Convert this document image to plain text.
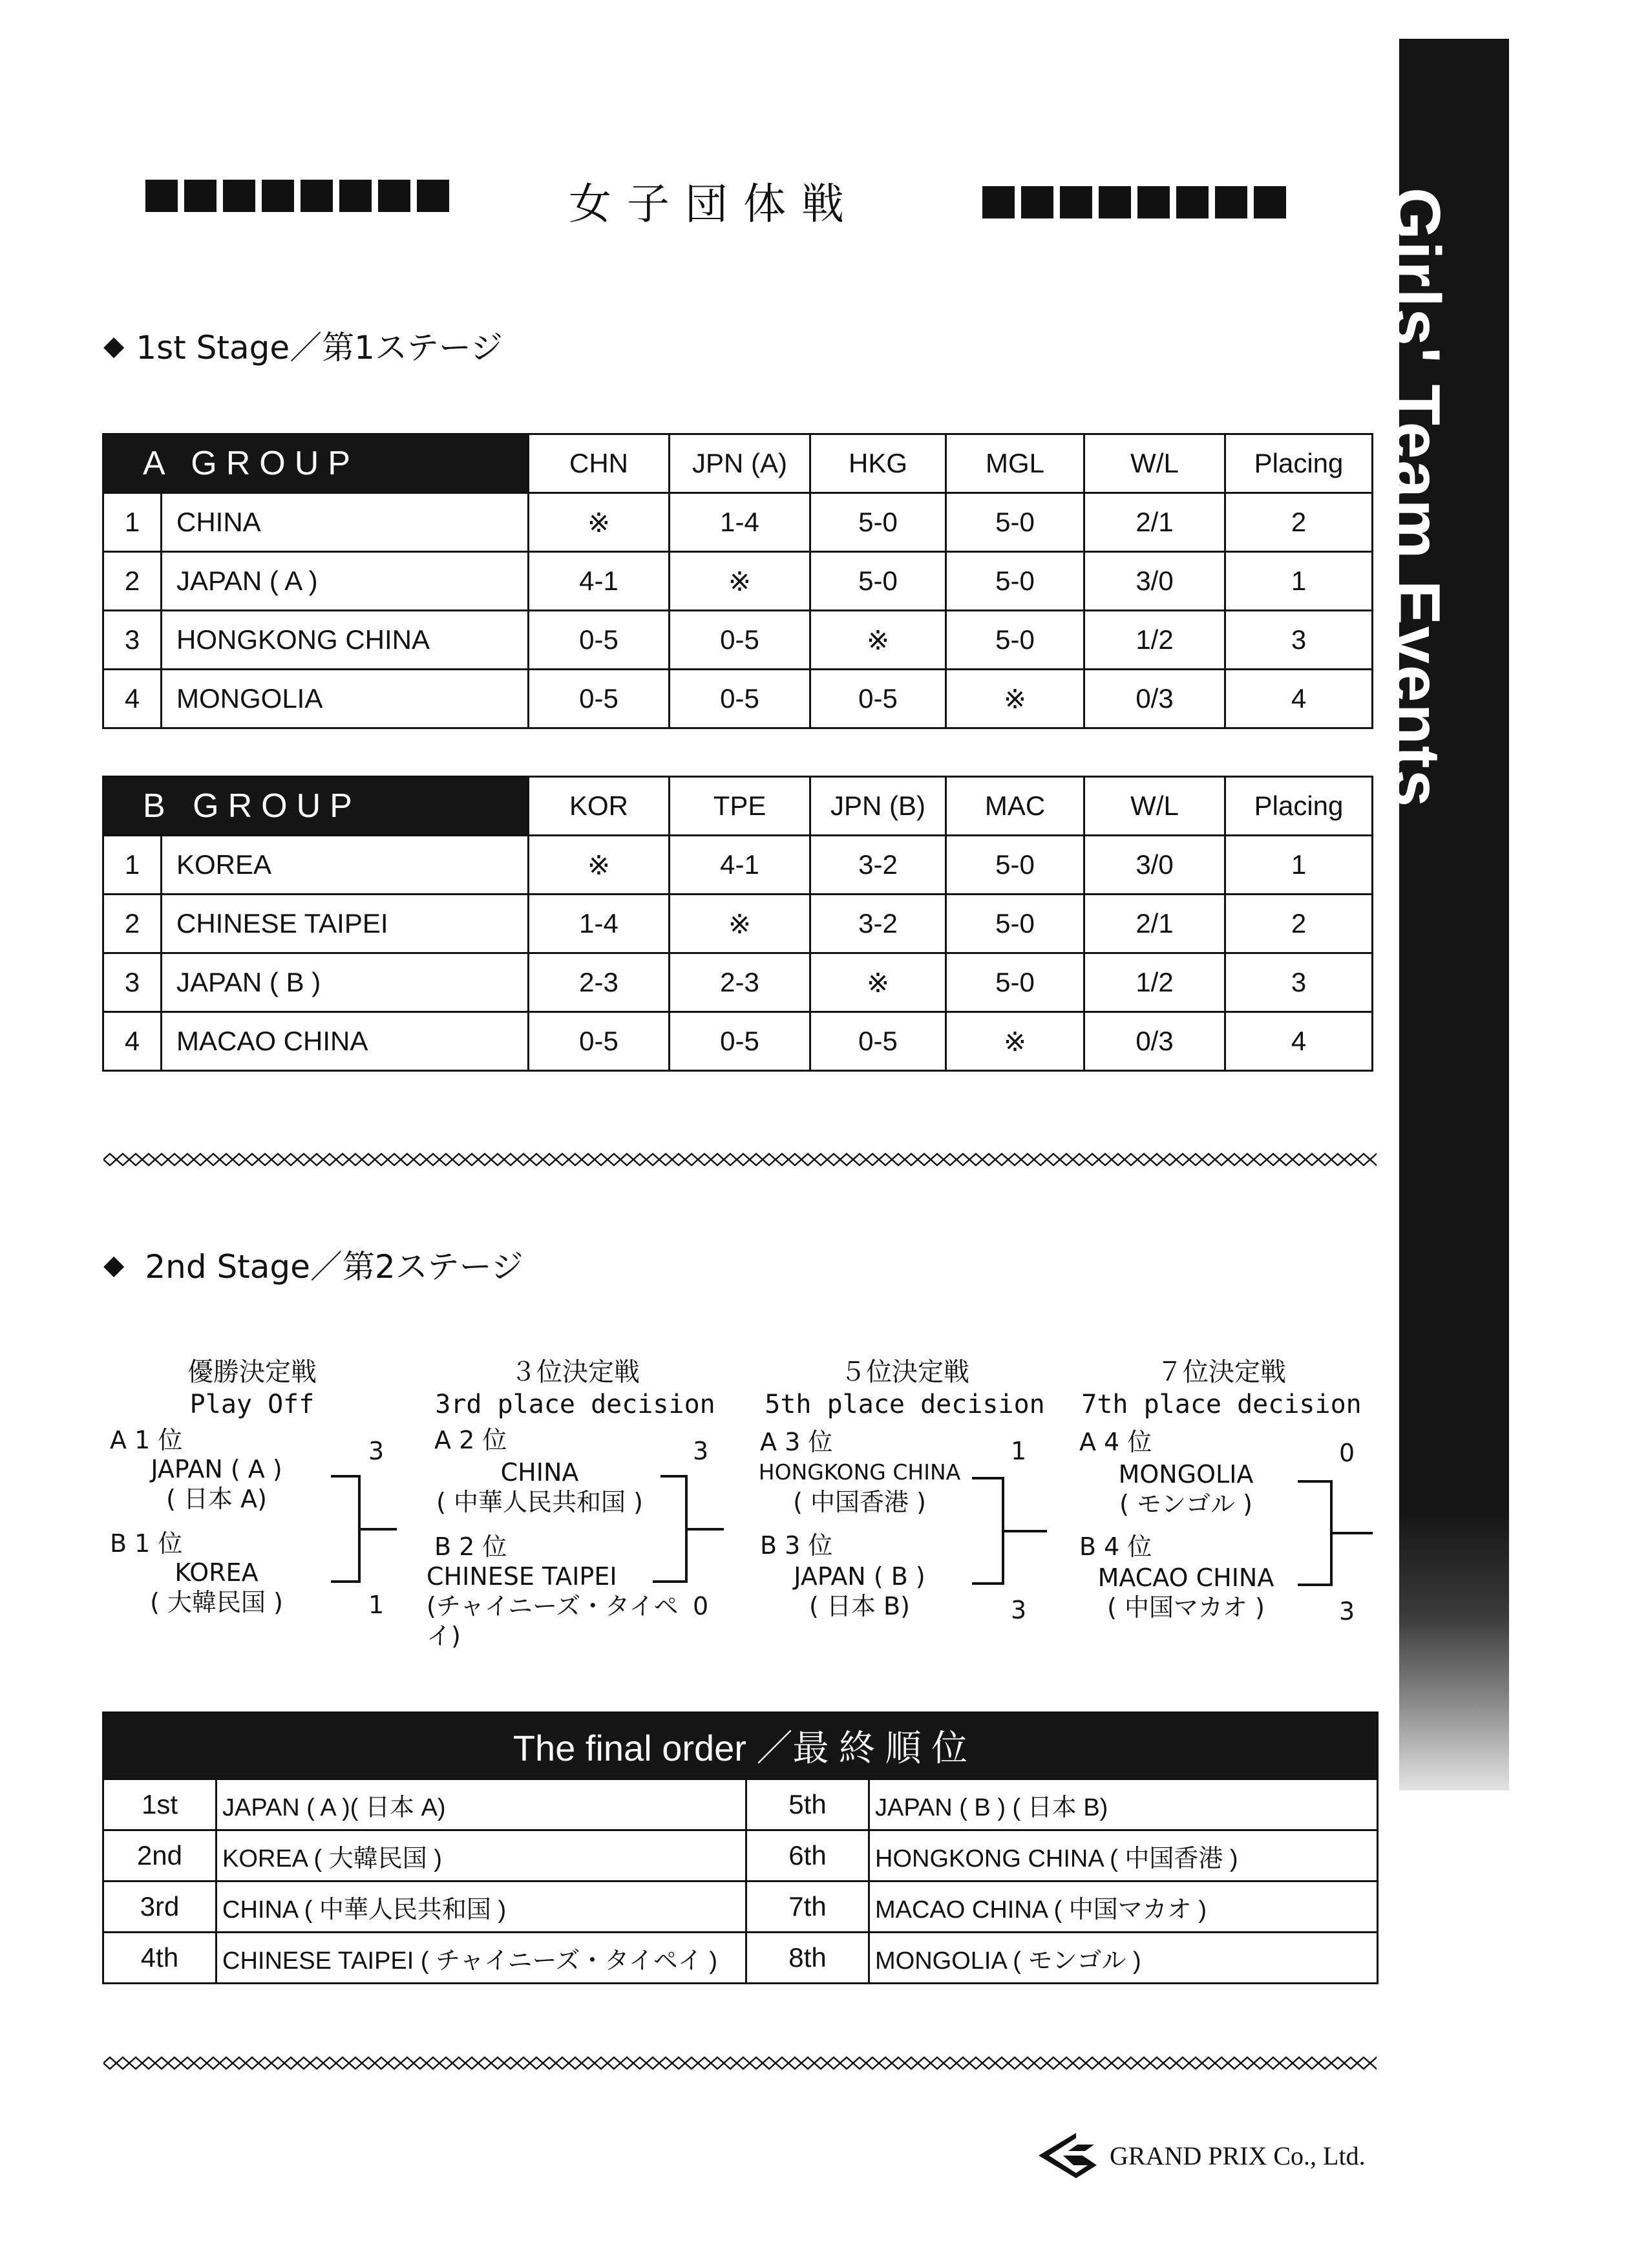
Girls' Team Events
女子団体戦
◆ 1st Stage／第1ステージ
A GROUP		CHN	JPN (A)	HKG	MGL	W/L	Placing
1	CHINA	※	1-4	5-0	5-0	2/1	2
2	JAPAN ( A )	4-1	※	5-0	5-0	3/0	1
3	HONGKONG CHINA	0-5	0-5	※	5-0	1/2	3
4	MONGOLIA	0-5	0-5	0-5	※	0/3	4
B GROUP		KOR	TPE	JPN (B)	MAC	W/L	Placing
1	KOREA	※	4-1	3-2	5-0	3/0	1
2	CHINESE TAIPEI	1-4	※	3-2	5-0	2/1	2
3	JAPAN ( B )	2-3	2-3	※	5-0	1/2	3
4	MACAO CHINA	0-5	0-5	0-5	※	0/3	4
◆ 2nd Stage／第2ステージ
優勝決定戦
Play Off
A 1 位
JAPAN ( A )
( 日本 A)
3
B 1 位
KOREA
( 大韓民国 )	1
３位決定戦
3rd place decision
A 2 位
CHINA
( 中華人民共和国 )
3
B 2 位
CHINESE TAIPEI
(チャイニーズ・タイペイ)
0
５位決定戦
5th place decision
A 3 位
HONGKONG CHINA
( 中国香港 )
1
B 3 位
JAPAN ( B )
( 日本 B)	3
７位決定戦
7th place decision
A 4 位
MONGOLIA
( モンゴル )
0
B 4 位
MACAO CHINA
( 中国マカオ )	3
The final order ／最 終 順 位			
1st	JAPAN ( A )( 日本 A)	5th	JAPAN ( B ) ( 日本 B)
2nd	KOREA ( 大韓民国 )	6th	HONGKONG CHINA ( 中国香港 )
3rd	CHINA ( 中華人民共和国 )	7th	MACAO CHINA ( 中国マカオ )
4th	CHINESE TAIPEI ( チャイニーズ・タイペイ )	8th	MONGOLIA ( モンゴル )
GRAND PRIX Co., Ltd.
